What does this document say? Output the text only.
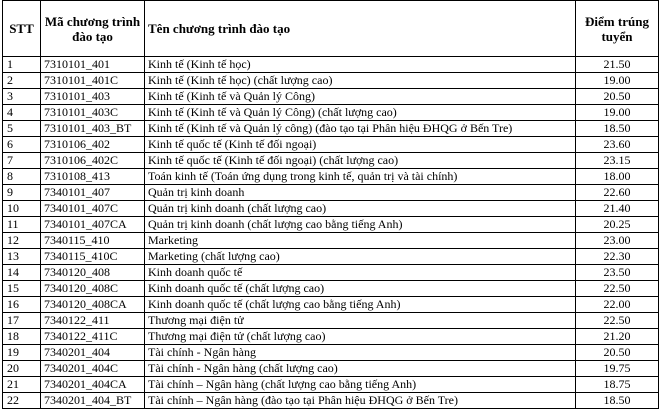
STT	Mã chương trình đào tạo	Tên chương trình đào tạo	Điểm trúng tuyển
1	7310101_401	Kinh tế (Kinh tế học)	21.50
2	7310101_401C	Kinh tế (Kinh tế học) (chất lượng cao)	19.00
3	7310101_403	Kinh tế (Kinh tế và Quản lý Công)	20.50
4	7310101_403C	Kinh tế (Kinh tế và Quản lý Công) (chất lượng cao)	19.00
5	7310101_403_BT	Kinh tế (Kinh tế và Quản lý công) (đào tạo tại Phân hiệu ĐHQG ở Bến Tre)	18.50
6	7310106_402	Kinh tế quốc tế (Kinh tế đối ngoại)	23.60
7	7310106_402C	Kinh tế quốc tế (Kinh tế đối ngoại) (chất lượng cao)	23.15
8	7310108_413	Toán kinh tế (Toán ứng dụng trong kinh tế, quản trị và tài chính)	18.00
9	7340101_407	Quản trị kinh doanh	22.60
10	7340101_407C	Quản trị kinh doanh (chất lượng cao)	21.40
11	7340101_407CA	Quản trị kinh doanh (chất lượng cao bằng tiếng Anh)	20.25
12	7340115_410	Marketing	23.00
13	7340115_410C	Marketing (chất lượng cao)	22.30
14	7340120_408	Kinh doanh quốc tế	23.50
15	7340120_408C	Kinh doanh quốc tế (chất lượng cao)	22.50
16	7340120_408CA	Kinh doanh quốc tế (chất lượng cao bằng tiếng Anh)	22.00
17	7340122_411	Thương mại điện tử	22.50
18	7340122_411C	Thương mại điện tử (chất lượng cao)	21.20
19	7340201_404	Tài chính - Ngân hàng	20.50
20	7340201_404C	Tài chính - Ngân hàng (chất lượng cao)	19.75
21	7340201_404CA	Tài chính – Ngân hàng (chất lượng cao bằng tiếng Anh)	18.75
22	7340201_404_BT	Tài chính – Ngân hàng (đào tạo tại Phân hiệu ĐHQG ở Bến Tre)	18.50
